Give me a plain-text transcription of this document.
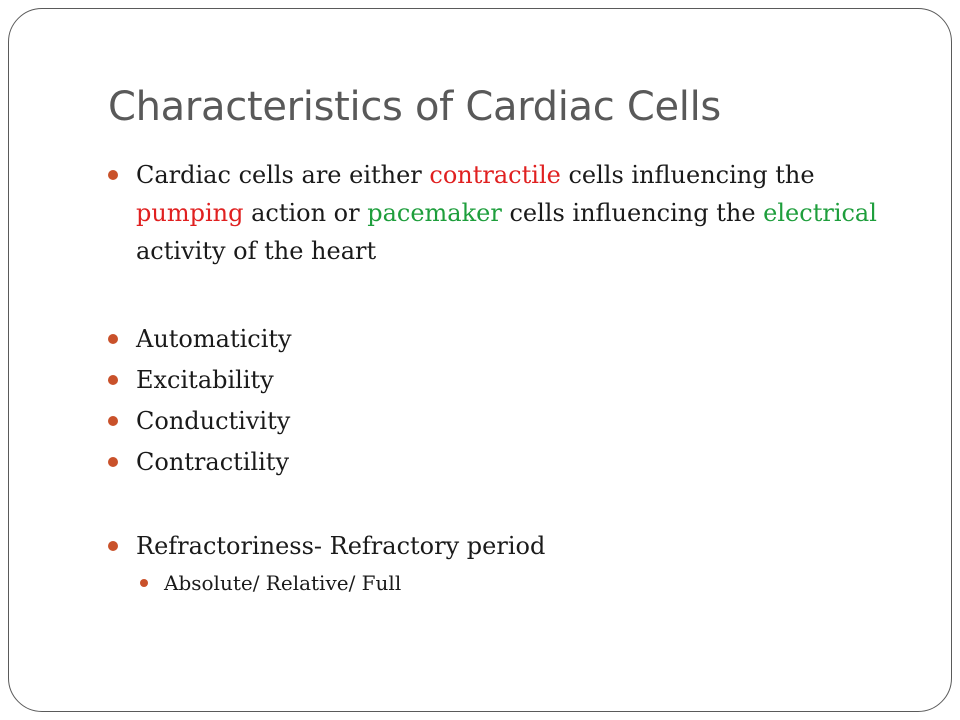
Characteristics of Cardiac Cells
Cardiac cells are either contractile cells influencing the
pumping action or pacemaker cells influencing the electrical
activity of the heart
Automaticity
Excitability
Conductivity
Contractility
Refractoriness- Refractory period
Absolute/ Relative/ Full
